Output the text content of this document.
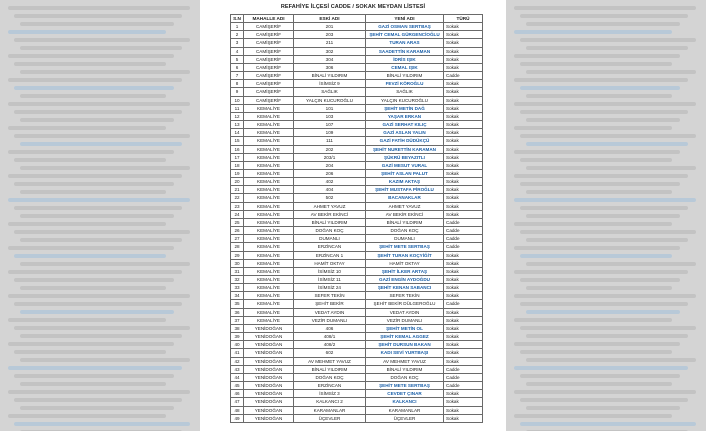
REFAHİYE İLÇESİ CADDE / SOKAK MEYDAN LİSTESİ
S.N	MAHALLE ADI	ESKİ ADI	YENİ ADI	TÜRÜ
1	CAMİŞERİF	201	GAZİ OSMAN SERTBAŞ	Sokak
2	CAMİŞERİF	203	ŞEHİT CEMAL GÜRGENCİOĞLU	Sokak
3	CAMİŞERİF	211	TURAN ARAS	Sokak
4	CAMİŞERİF	302	SAADETTİN KARAMAN	Sokak
5	CAMİŞERİF	304	İDRİS IŞIK	Sokak
6	CAMİŞERİF	306	CEMAL IŞIK	Sokak
7	CAMİŞERİF	BİNALİ YILDIRIM	BİNALİ YILDIRIM	Cadde
8	CAMİŞERİF	İSİMSİZ 9	FEVZİ KÖROĞLU	Sokak
9	CAMİŞERİF	SAĞLIK	SAĞLIK	Sokak
10	CAMİŞERİF	YALÇIN KUCUROĞLU	YALÇIN KUCUROĞLU	Sokak
11	KEMALİYE	101	ŞEHİT METİN DAĞ	Sokak
12	KEMALİYE	103	YAŞAR ERKAN	Sokak
13	KEMALİYE	107	GAZİ SERHAT KILIÇ	Sokak
14	KEMALİYE	109	GAZİ ASLAN YALIN	Sokak
15	KEMALİYE	111	GAZİ FATİH DÜDÜKÇÜ	Sokak
16	KEMALİYE	202	ŞEHİT NURETTİN KARAMAN	Sokak
17	KEMALİYE	203/1	ŞÜKRÜ BEYAZITLI	Sokak
18	KEMALİYE	204	GAZİ MESUT VURAL	Sokak
19	KEMALİYE	206	ŞEHİT ASLAN PALUT	Sokak
20	KEMALİYE	402	KAZIM AKTAŞ	Sokak
21	KEMALİYE	404	ŞEHİT MUSTAFA PİROĞLU	Sokak
22	KEMALİYE	502	BACANAKLAR	Sokak
23	KEMALİYE	AHMET YAVUZ	AHMET YAVUZ	Sokak
24	KEMALİYE	AV BEKİR EKİNCİ	AV BEKİR EKİNCİ	Sokak
25	KEMALİYE	BİNALİ YILDIRIM	BİNALİ YILDIRIM	Cadde
26	KEMALİYE	DOĞAN KOÇ	DOĞAN KOÇ	Cadde
27	KEMALİYE	DUMANLI	DUMANLI	Cadde
28	KEMALİYE	ERZİNCAN	ŞEHİT METE SERTBAŞ	Cadde
29	KEMALİYE	ERZİNCAN 1	ŞEHİT TURAN KOÇYİĞİT	Sokak
30	KEMALİYE	HAMİT OKTAY	HAMİT OKTAY	Sokak
31	KEMALİYE	İSİMSİZ 10	ŞEHİT İLKER ARTAŞ	Sokak
32	KEMALİYE	İSİMSİZ 11	GAZİ ENGİN AYDOĞDU	Sokak
33	KEMALİYE	İSİMSİZ 24	ŞEHİT KENAN SABANCI	Sokak
34	KEMALİYE	SEFER TEKİN	SEFER TEKİN	Sokak
35	KEMALİYE	ŞEHİT BEKİR	ŞEHİT BEKİR DÜLGEROĞLU	Cadde
36	KEMALİYE	VEDAT AYDIN	VEDAT AYDIN	Sokak
37	KEMALİYE	VEZİR DUMANLI	VEZİR DUMANLI	Sokak
38	YENİDOĞAN	406	ŞEHİT METİN OL	Sokak
39	YENİDOĞAN	408/1	ŞEHİT KEMAL AGGEZ	Sokak
40	YENİDOĞAN	408/2	ŞEHİT DURSUN BAKAN	Sokak
41	YENİDOĞAN	602	KADI SEVİ YURTBAŞI	Sokak
42	YENİDOĞAN	AV MEHMET YAVUZ	AV MEHMET YAVUZ	Sokak
43	YENİDOĞAN	BİNALİ YILDIRIM	BİNALİ YILDIRIM	Cadde
44	YENİDOĞAN	DOĞAN KOÇ	DOĞAN KOÇ	Cadde
45	YENİDOĞAN	ERZİNCAN	ŞEHİT METE SERTBAŞ	Cadde
46	YENİDOĞAN	İSİMSİZ 3	CEVDET ÇINAR	Sokak
47	YENİDOĞAN	KALKANCI 2	KALKANCI	Sokak
48	YENİDOĞAN	KARAMANLAR	KARAMANLAR	Sokak
49	YENİDOĞAN	ÜÇEVLER	ÜÇEVLER	Sokak
